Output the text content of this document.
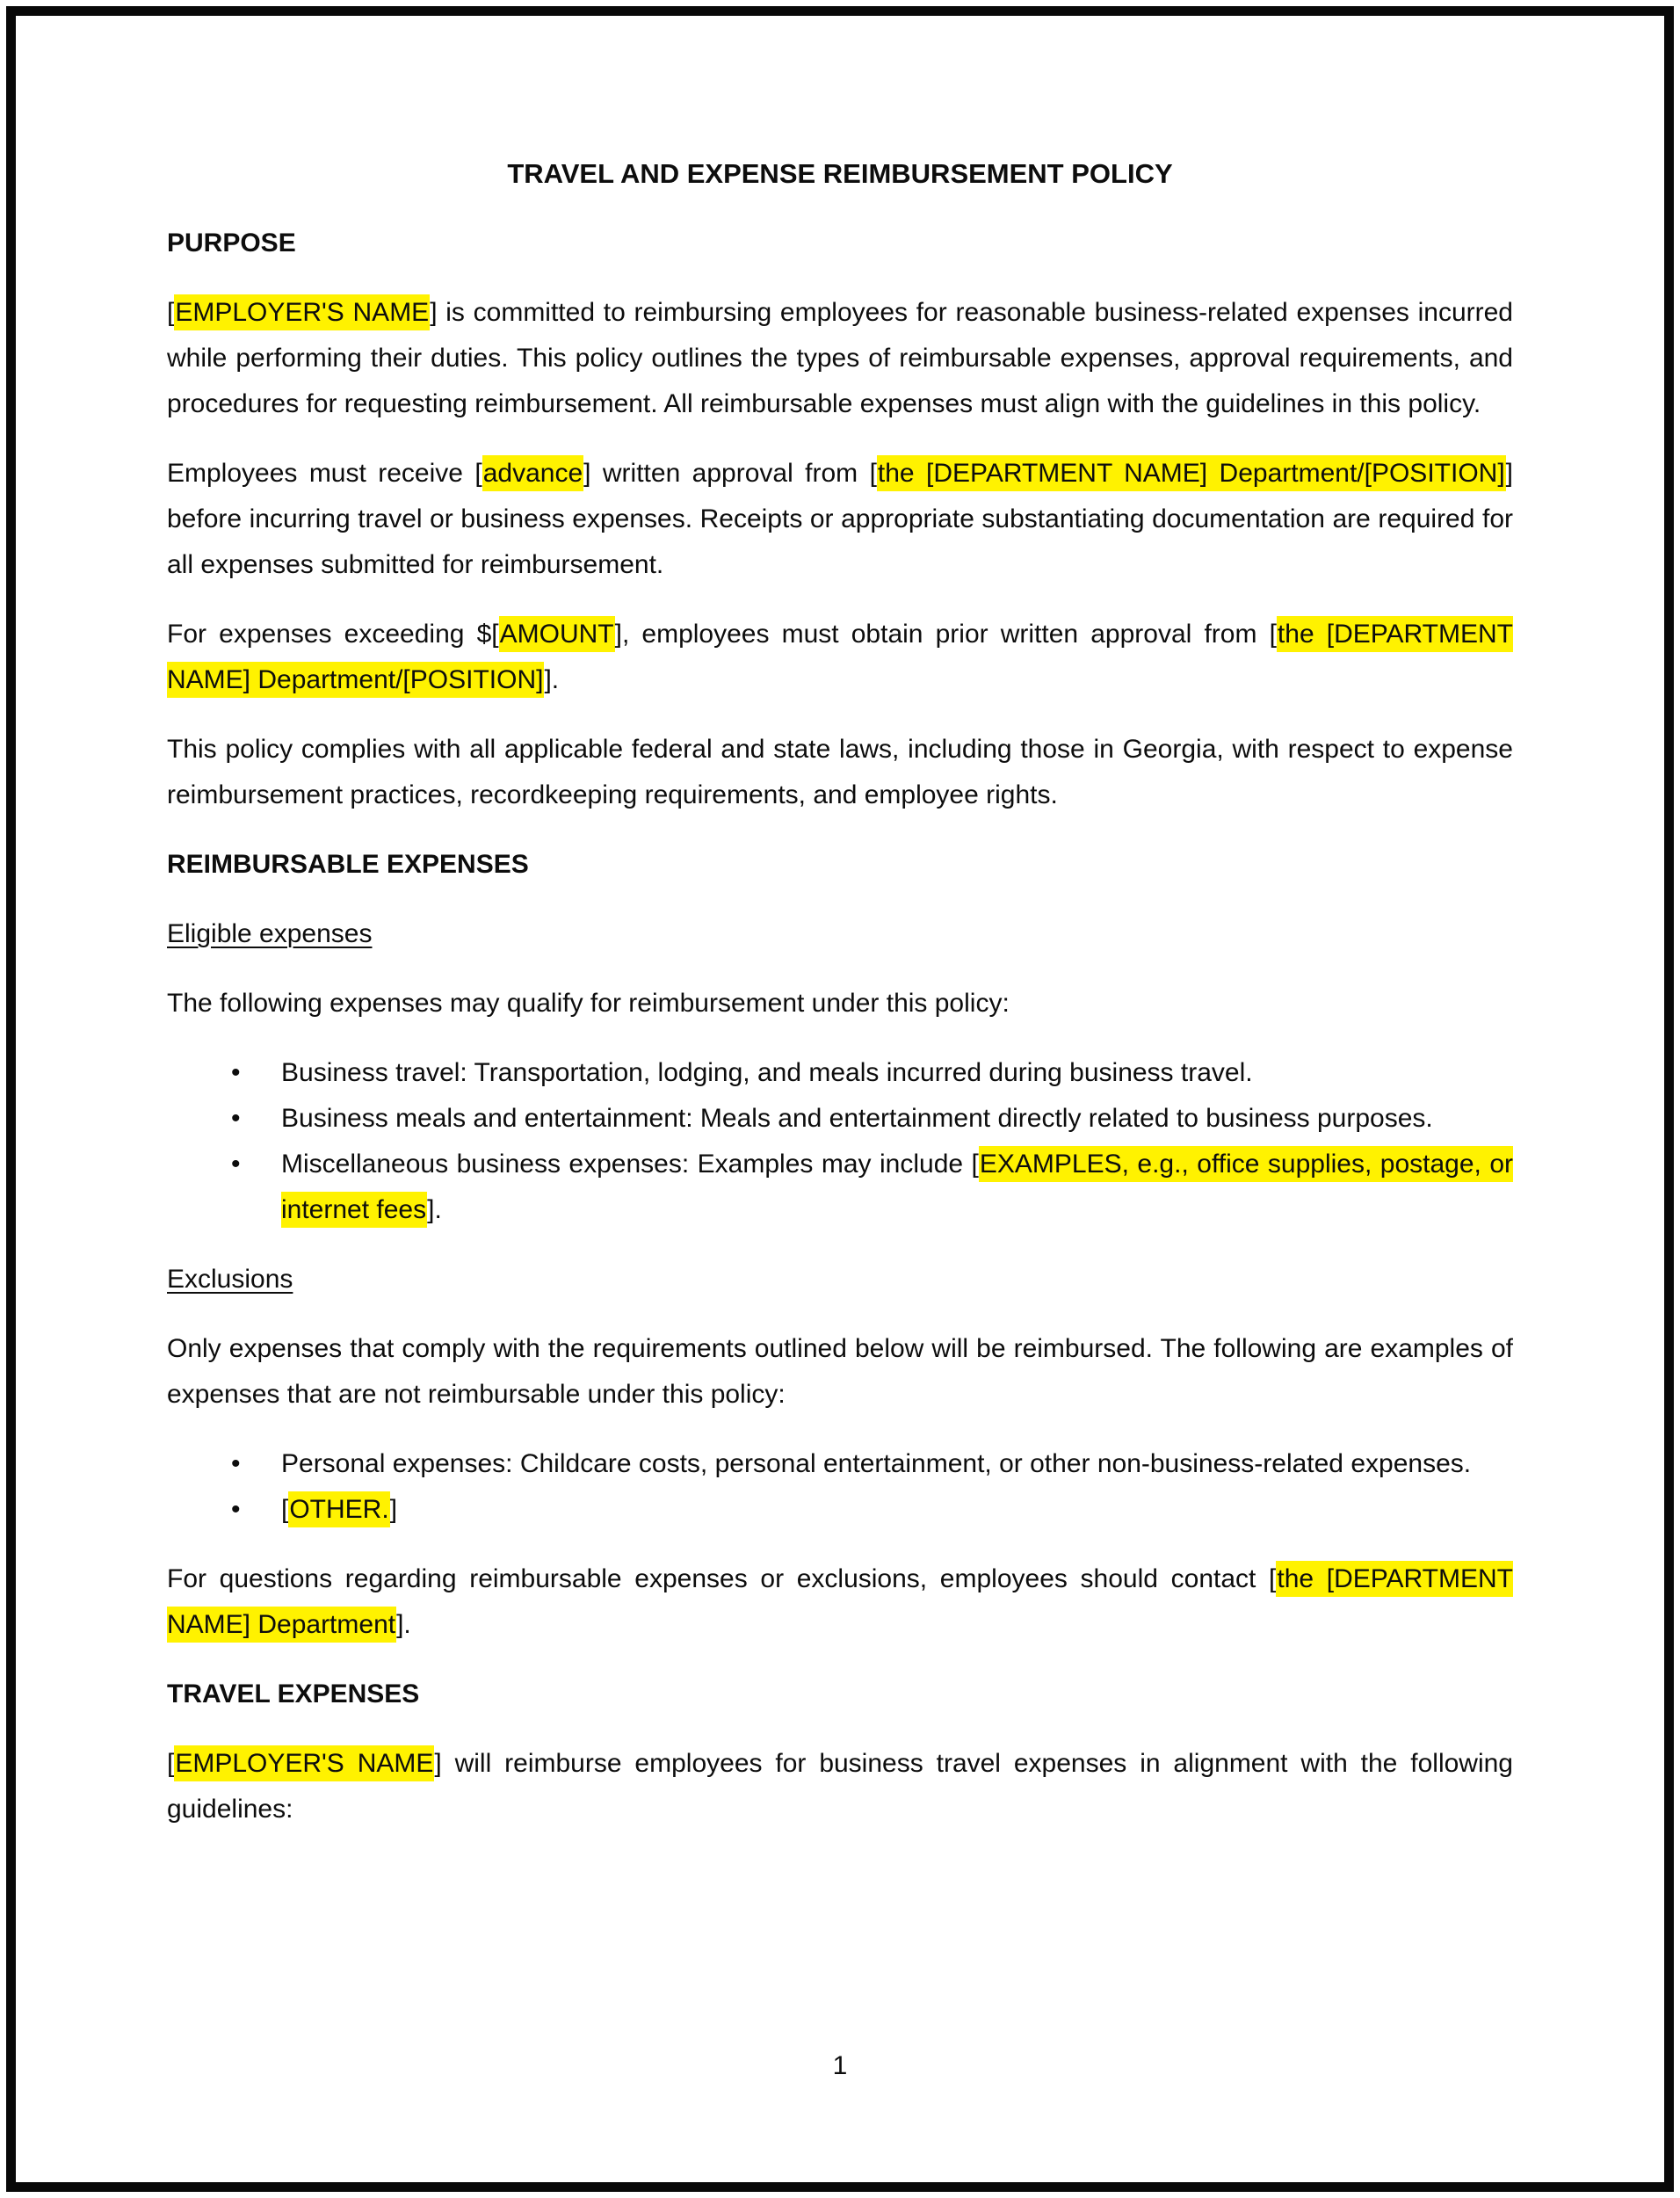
TRAVEL AND EXPENSE REIMBURSEMENT POLICY
PURPOSE
[EMPLOYER'S NAME] is committed to reimbursing employees for reasonable business-related expenses incurred while performing their duties. This policy outlines the types of reimbursable expenses, approval requirements, and procedures for requesting reimbursement. All reimbursable expenses must align with the guidelines in this policy.
Employees must receive [advance] written approval from [the [DEPARTMENT NAME] Department/[POSITION]] before incurring travel or business expenses. Receipts or appropriate substantiating documentation are required for all expenses submitted for reimbursement.
For expenses exceeding $[AMOUNT], employees must obtain prior written approval from [the [DEPARTMENT NAME] Department/[POSITION]].
This policy complies with all applicable federal and state laws, including those in Georgia, with respect to expense reimbursement practices, recordkeeping requirements, and employee rights.
REIMBURSABLE EXPENSES
Eligible expenses
The following expenses may qualify for reimbursement under this policy:
• Business travel: Transportation, lodging, and meals incurred during business travel.
• Business meals and entertainment: Meals and entertainment directly related to business purposes.
• Miscellaneous business expenses: Examples may include [EXAMPLES, e.g., office supplies, postage, or internet fees].
Exclusions
Only expenses that comply with the requirements outlined below will be reimbursed. The following are examples of expenses that are not reimbursable under this policy:
• Personal expenses: Childcare costs, personal entertainment, or other non-business-related expenses.
• [OTHER.]
For questions regarding reimbursable expenses or exclusions, employees should contact [the [DEPARTMENT NAME] Department].
TRAVEL EXPENSES
[EMPLOYER'S NAME] will reimburse employees for business travel expenses in alignment with the following guidelines:
1
